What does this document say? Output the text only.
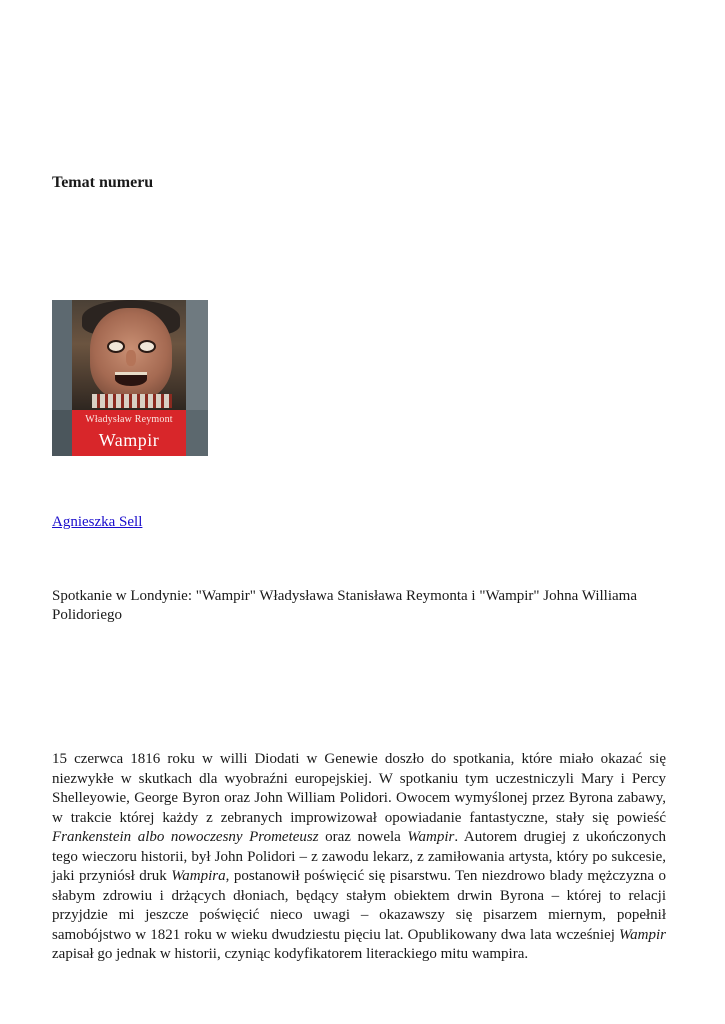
Temat numeru
Władysław Reymont
Wampir
Agnieszka Sell

Spotkanie w Londynie: "Wampir" Władysława Stanisława Reymonta i "Wampir" Johna Williama Polidoriego

15 czerwca 1816 roku w willi Diodati w Genewie doszło do spotkania, które miało okazać się niezwykłe w skutkach dla wyobraźni europejskiej. W spotkaniu tym uczestniczyli Mary i Percy Shelleyowie, George Byron oraz John William Polidori. Owocem wymyślonej przez Byrona zabawy, w trakcie której każdy z zebranych improwizował opowiadanie fantastyczne, stały się powieść Frankenstein albo nowoczesny Prometeusz oraz nowela Wampir. Autorem drugiej z ukończonych tego wieczoru historii, był John Polidori – z zawodu lekarz, z zamiłowania artysta, który po sukcesie, jaki przyniósł druk Wampira, postanowił poświęcić się pisarstwu. Ten niezdrowo blady mężczyzna o słabym zdrowiu i drżących dłoniach, będący stałym obiektem drwin Byrona – której to relacji przyjdzie mi jeszcze poświęcić nieco uwagi – okazawszy się pisarzem miernym, popełnił samobójstwo w 1821 roku w wieku dwudziestu pięciu lat. Opublikowany dwa lata wcześniej Wampir zapisał go jednak w historii, czyniąc kodyfikatorem literackiego mitu wampira.
